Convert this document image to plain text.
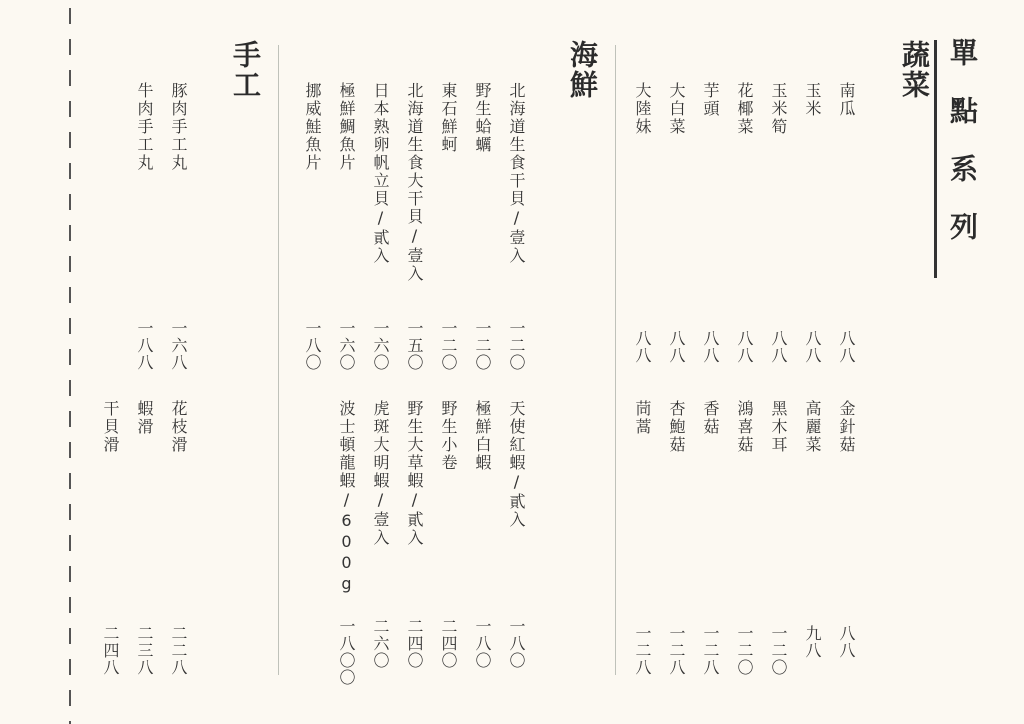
單點系列
蔬菜
海鮮
手工	南瓜
八八
玉米
八八
玉米筍
八八
花椰菜
八八
芋頭
八八
大白菜
八八
大陸妹
八八
金針菇
八八
高麗菜
九八
黑木耳
一二〇
鴻喜菇
一二〇
香菇
一二八
杏鮑菇
一二八
茼蒿
一二八
北海道生食干貝/壹入
一二〇
野生蛤蠣
一二〇
東石鮮蚵
一二〇
北海道生食大干貝/壹入
一五〇
日本熟卵帆立貝/貳入
一六〇
極鮮鯛魚片
一六〇
挪威鮭魚片
一八〇
天使紅蝦/貳入
一八〇
極鮮白蝦
一八〇
野生小卷
二四〇
野生大草蝦/貳入
二四〇
虎斑大明蝦/壹入
二六〇
波士頓龍蝦/600g
一八〇〇
豚肉手工丸
一六八
牛肉手工丸
一八八
花枝滑
二二八
蝦滑
二三八
干貝滑
二四八
